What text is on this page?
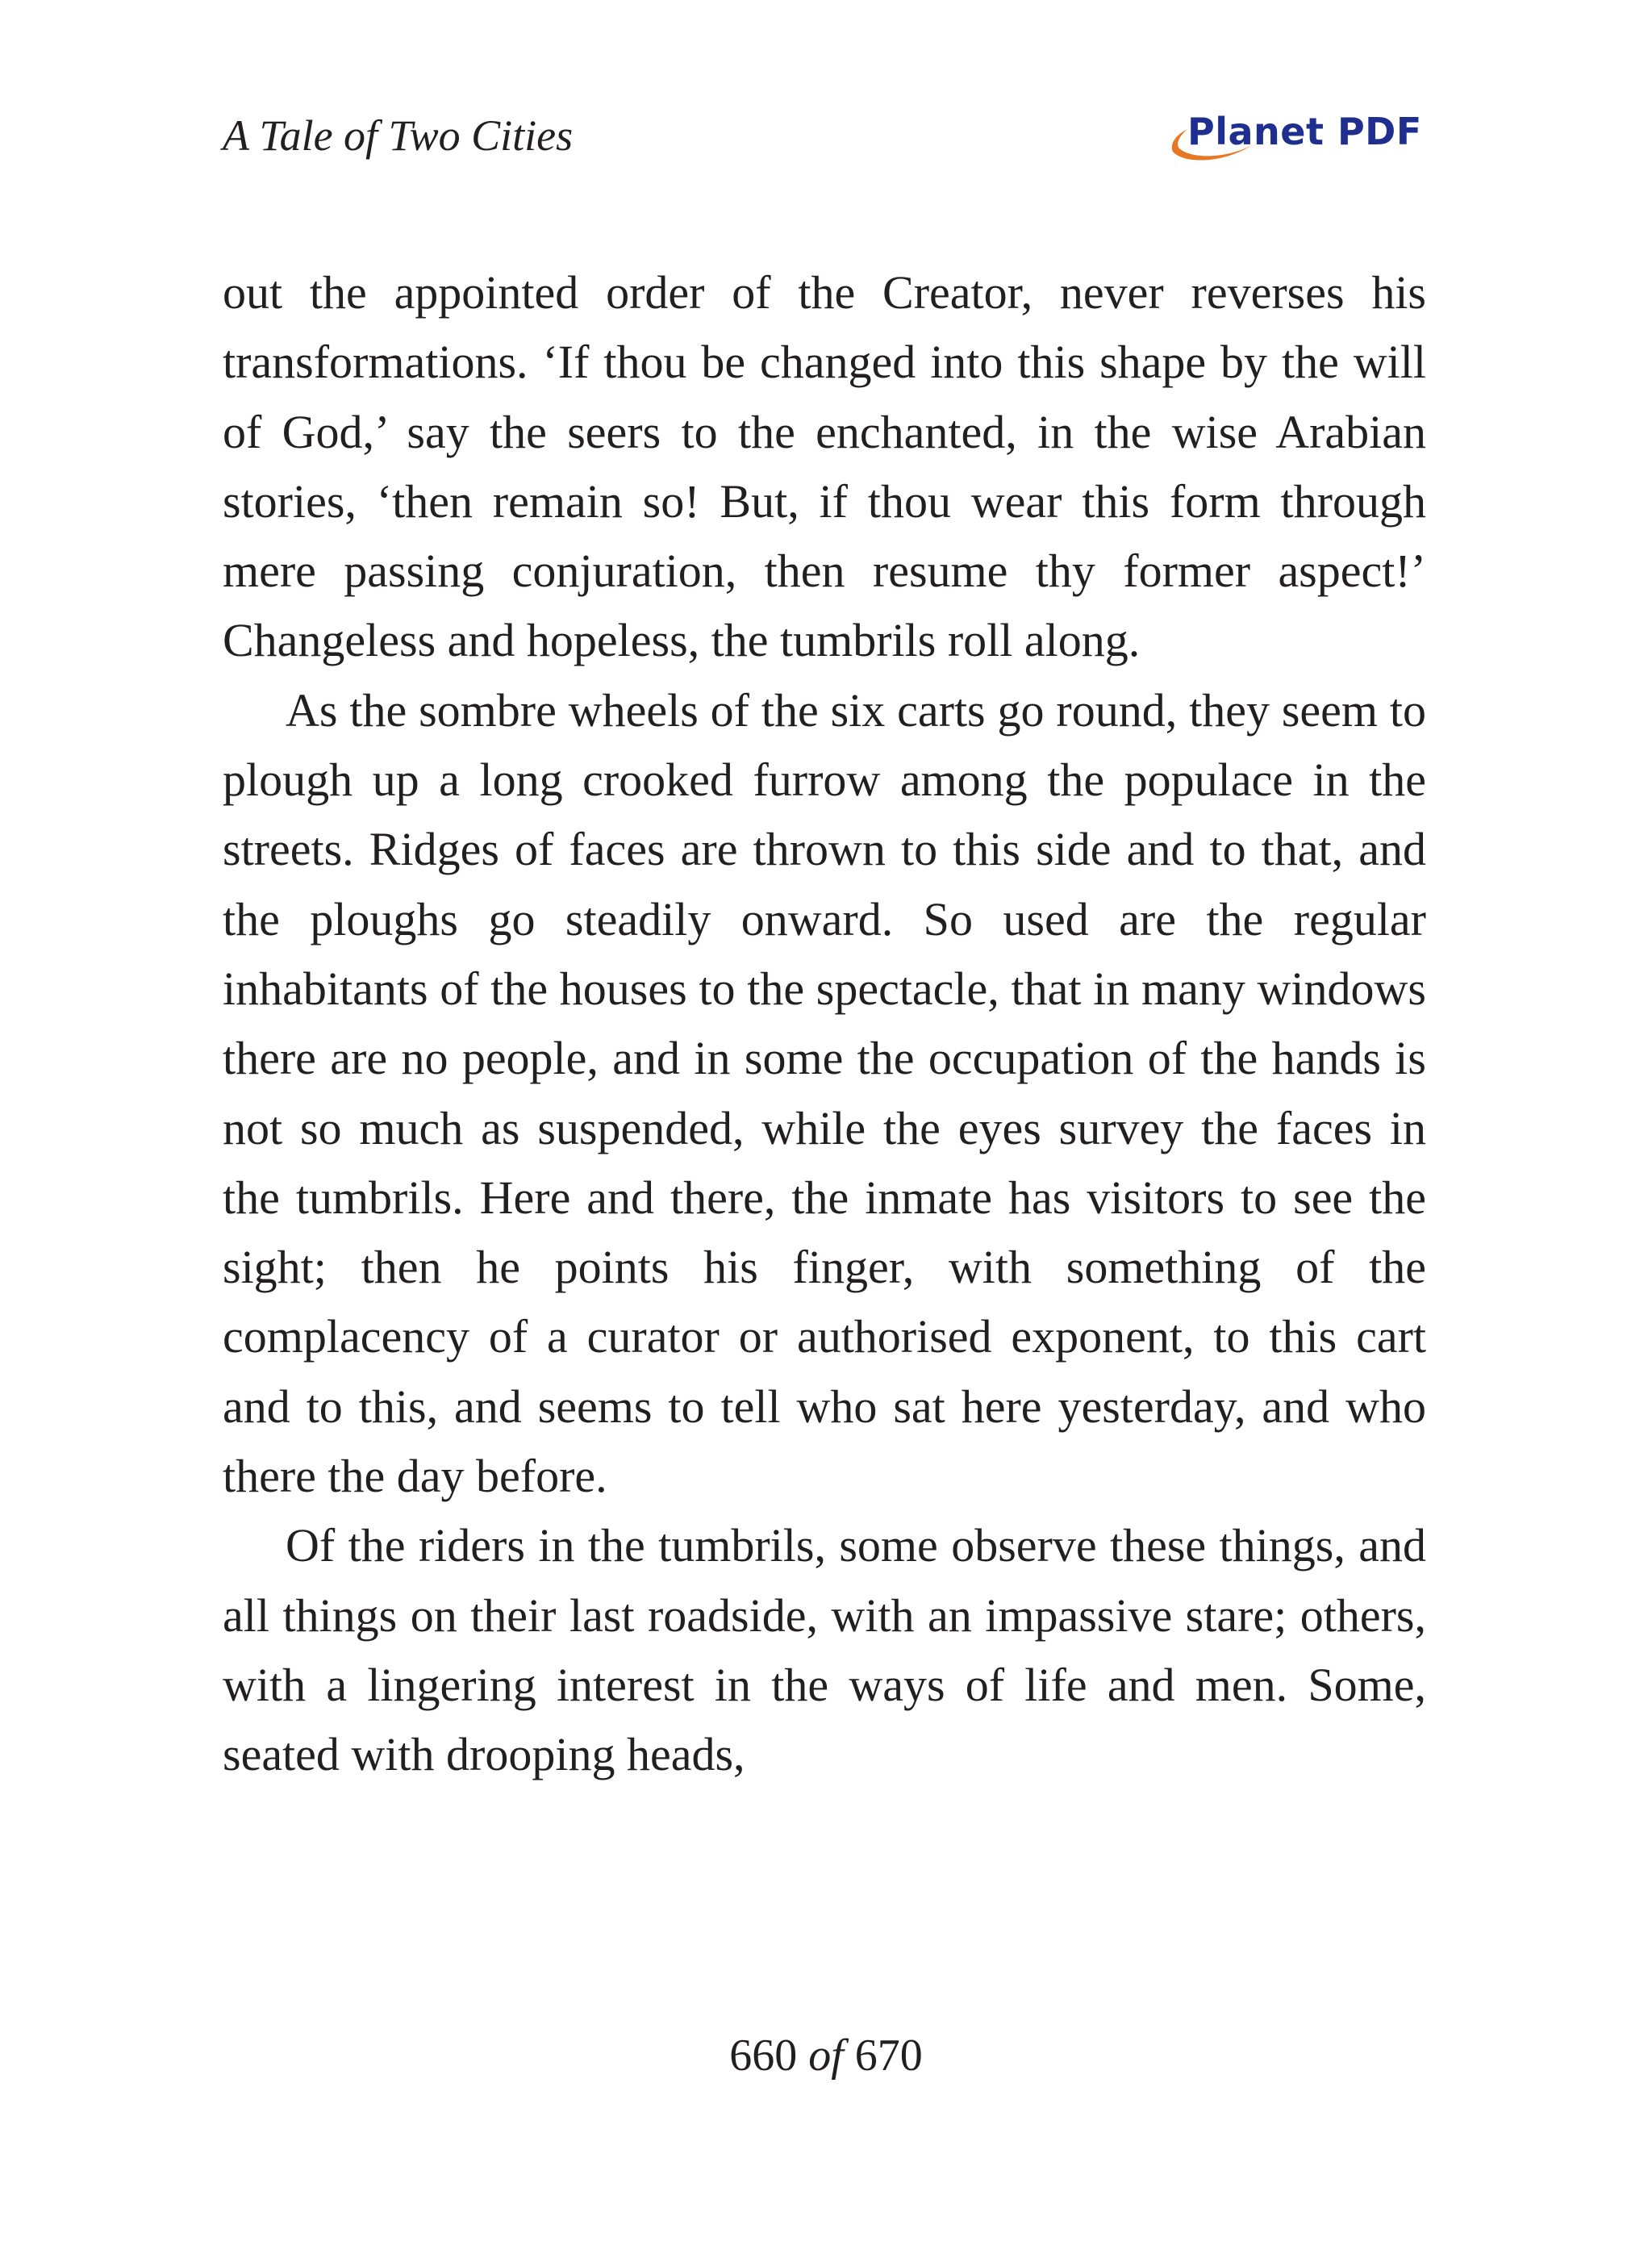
A Tale of Two Cities	Planet PDF

out the appointed order of the Creator, never reverses his transformations. ‘If thou be changed into this shape by the will of God,’ say the seers to the enchanted, in the wise Arabian stories, ‘then remain so! But, if thou wear this form through mere passing conjuration, then resume thy former aspect!’ Changeless and hopeless, the tumbrils roll along.

As the sombre wheels of the six carts go round, they seem to plough up a long crooked furrow among the populace in the streets. Ridges of faces are thrown to this side and to that, and the ploughs go steadily onward. So used are the regular inhabitants of the houses to the spectacle, that in many windows there are no people, and in some the occupation of the hands is not so much as suspended, while the eyes survey the faces in the tumbrils. Here and there, the inmate has visitors to see the sight; then he points his finger, with something of the complacency of a curator or authorised exponent, to this cart and to this, and seems to tell who sat here yesterday, and who there the day before.

Of the riders in the tumbrils, some observe these things, and all things on their last roadside, with an impassive stare; others, with a lingering interest in the ways of life and men. Some, seated with drooping heads,

660 of 670
